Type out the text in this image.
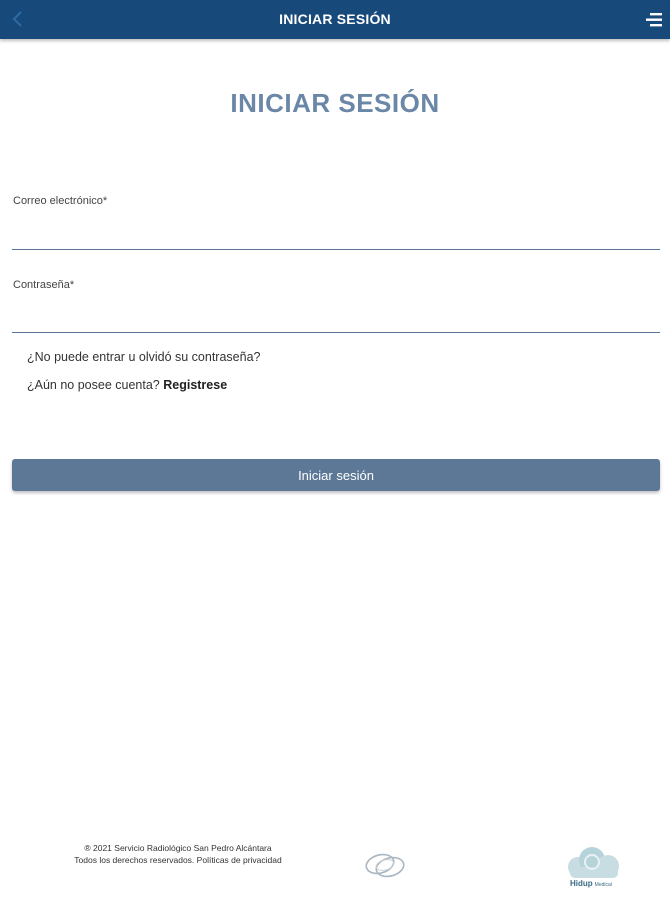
INICIAR SESIÓN
INICIAR SESIÓN
Correo electrónico*
Contraseña*
¿No puede entrar u olvidó su contraseña?
¿Aún no posee cuenta? Registrese
Iniciar sesión
® 2021 Servicio Radiológico San Pedro Alcántara
Todos los derechos reservados. Políticas de privacidad
Hidup Medical
